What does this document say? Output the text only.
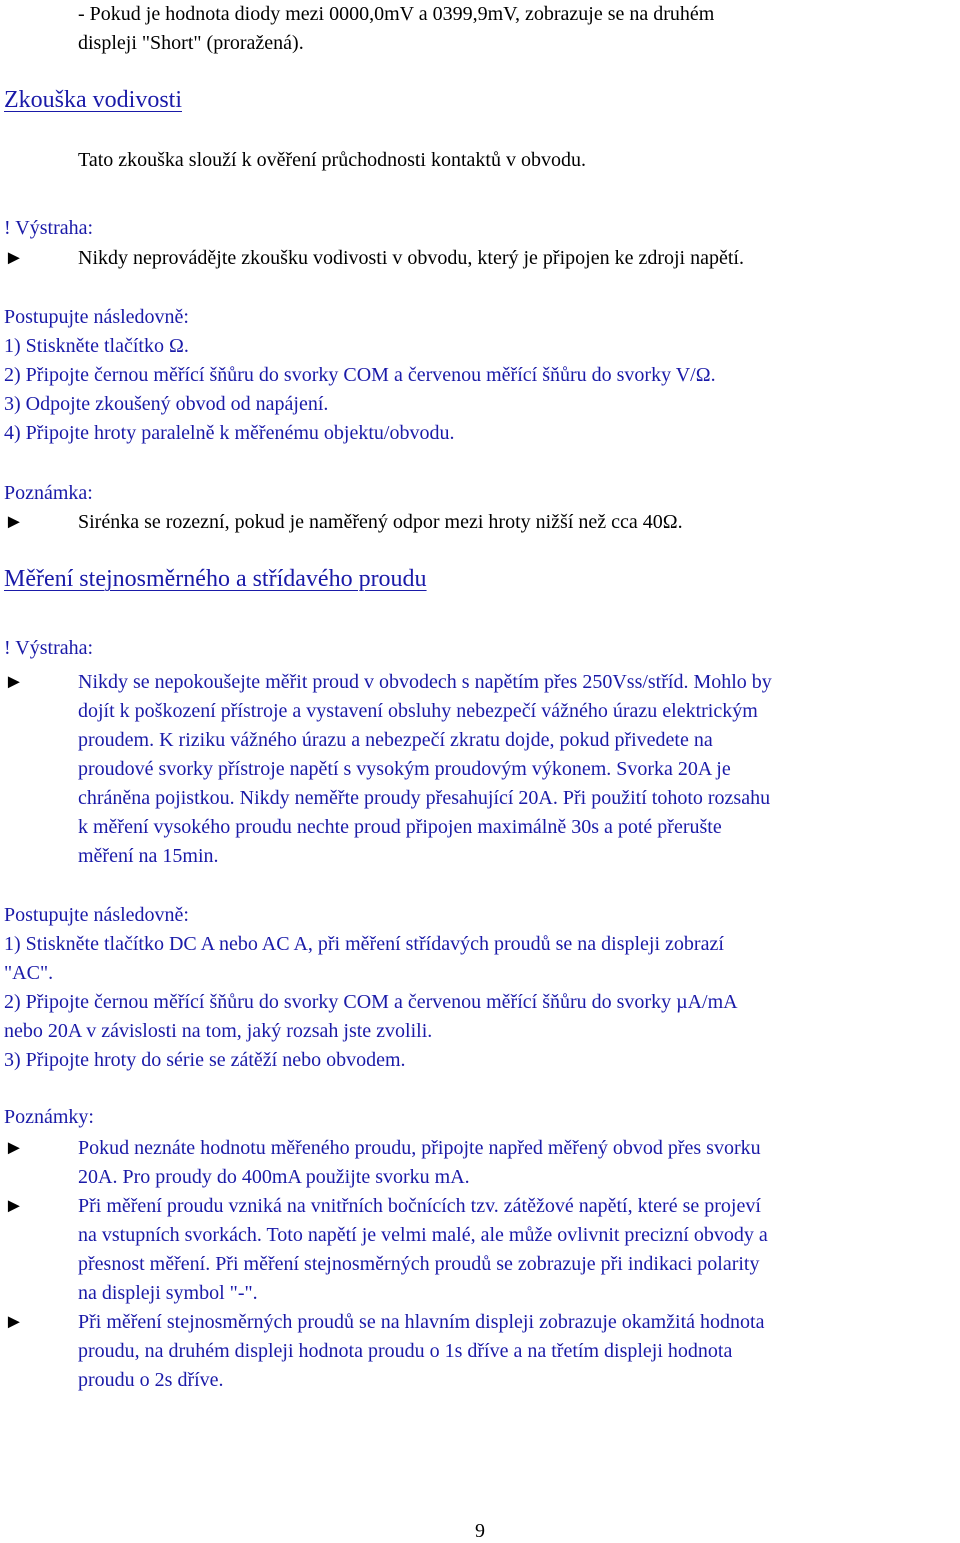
- Pokud je hodnota diody mezi 0000,0mV a 0399,9mV, zobrazuje se na druhém
displeji "Short" (proražená).
Zkouška vodivosti
Tato zkouška slouží k ověření průchodnosti kontaktů v obvodu.
! Výstraha:
►	Nikdy neprovádějte zkoušku vodivosti v obvodu, který je připojen ke zdroji napětí.
Postupujte následovně:
1) Stiskněte tlačítko Ω.
2) Připojte černou měřící šňůru do svorky COM a červenou měřící šňůru do svorky V/Ω.
3) Odpojte zkoušený obvod od napájení.
4) Připojte hroty paralelně k měřenému objektu/obvodu.
Poznámka:
►	Sirénka se rozezní, pokud je naměřený odpor mezi hroty nižší než cca 40Ω.
Měření stejnosměrného a střídavého proudu
! Výstraha:
►	Nikdy se nepokoušejte měřit proud v obvodech s napětím přes 250Vss/stříd. Mohlo by
dojít k poškození přístroje a vystavení obsluhy nebezpečí vážného úrazu elektrickým
proudem. K riziku vážného úrazu a nebezpečí zkratu dojde, pokud přivedete na
proudové svorky přístroje napětí s vysokým proudovým výkonem. Svorka 20A je
chráněna pojistkou. Nikdy neměřte proudy přesahující 20A. Při použití tohoto rozsahu
k měření vysokého proudu nechte proud připojen maximálně 30s a poté přerušte
měření na 15min.
Postupujte následovně:
1) Stiskněte tlačítko DC A nebo AC A, při měření střídavých proudů se na displeji zobrazí
"AC".
2) Připojte černou měřící šňůru do svorky COM a červenou měřící šňůru do svorky µA/mA
nebo 20A v závislosti na tom, jaký rozsah jste zvolili.
3) Připojte hroty do série se zátěží nebo obvodem.
Poznámky:
►	Pokud neznáte hodnotu měřeného proudu, připojte napřed měřený obvod přes svorku
20A. Pro proudy do 400mA použijte svorku mA.
►	Při měření proudu vzniká na vnitřních bočnících tzv. zátěžové napětí, které se projeví
na vstupních svorkách. Toto napětí je velmi malé, ale může ovlivnit precizní obvody a
přesnost měření. Při měření stejnosměrných proudů se zobrazuje při indikaci polarity
na displeji symbol "-".
►	Při měření stejnosměrných proudů se na hlavním displeji zobrazuje okamžitá hodnota
proudu, na druhém displeji hodnota proudu o 1s dříve a na třetím displeji hodnota
proudu o 2s dříve.
9
